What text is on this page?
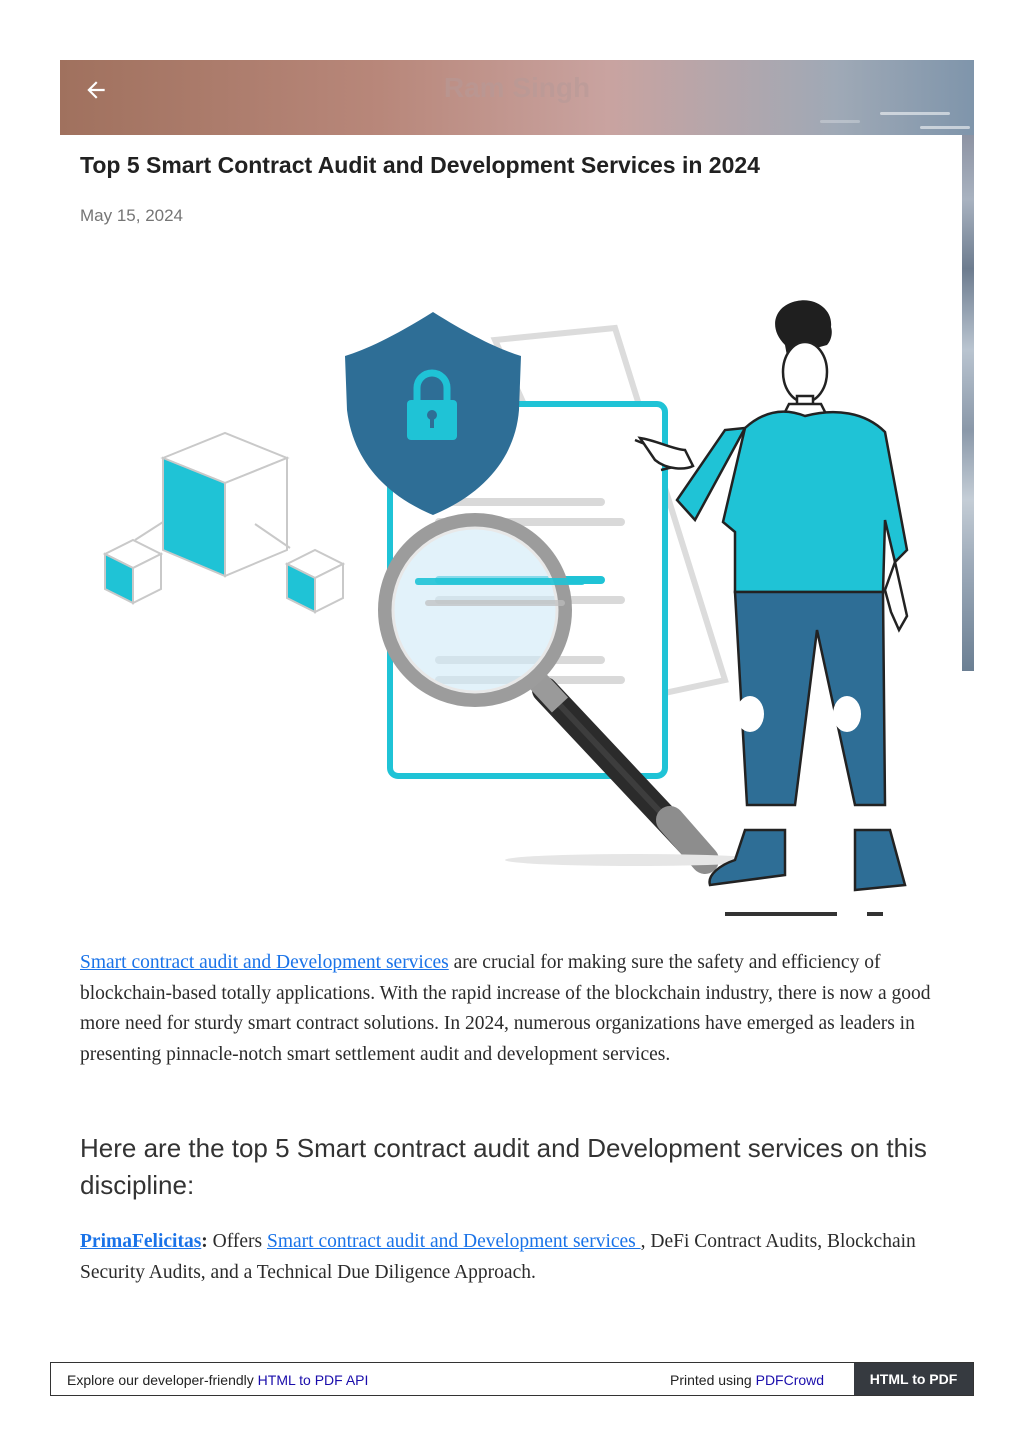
Ram Singh
Top 5 Smart Contract Audit and Development Services in 2024
May 15, 2024

Smart contract audit and Development services are crucial for making sure the safety and efficiency of blockchain-based totally applications. With the rapid increase of the blockchain industry, there is now a good more need for sturdy smart contract solutions. In 2024, numerous organizations have emerged as leaders in presenting pinnacle-notch smart settlement audit and development services.

Here are the top 5 Smart contract audit and Development services on this discipline:

PrimaFelicitas: Offers Smart contract audit and Development services , DeFi Contract Audits, Blockchain Security Audits, and a Technical Due Diligence Approach.

Explore our developer-friendly HTML to PDF API	Printed using PDFCrowd	HTML to PDF
